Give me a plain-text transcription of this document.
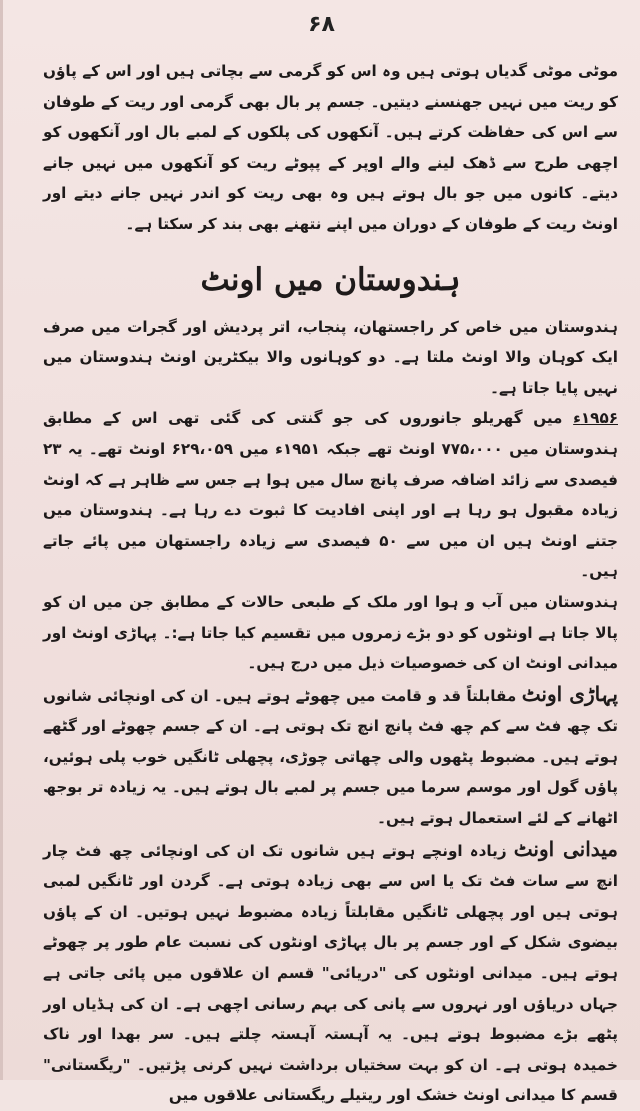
۶۸

موٹی موٹی گدیاں ہوتی ہیں وہ اس کو گرمی سے بچاتی ہیں اور اس کے پاؤں کو ریت میں نہیں جھنسنے دیتیں۔ جسم پر بال بھی گرمی اور ریت کے طوفان سے اس کی حفاظت کرتے ہیں۔ آنکھوں کی پلکوں کے لمبے بال اور آنکھوں کو اچھی طرح سے ڈھک لینے والے اوپر کے پپوٹے ریت کو آنکھوں میں نہیں جانے دیتے۔ کانوں میں جو بال ہوتے ہیں وہ بھی ریت کو اندر نہیں جانے دیتے اور اونٹ ریت کے طوفان کے دوران میں اپنے نتھنے بھی بند کر سکتا ہے۔

ہندوستان میں اونٹ

ہندوستان میں خاص کر راجستھان، پنجاب، اتر پردیش اور گجرات میں صرف ایک کوہان والا اونٹ ملتا ہے۔ دو کوہانوں والا بیکٹرین اونٹ ہندوستان میں نہیں پایا جاتا ہے۔

۱۹۵۶ء میں گھریلو جانوروں کی جو گنتی کی گئی تھی اس کے مطابق ہندوستان میں ۷۷۵،۰۰۰ اونٹ تھے جبکہ ۱۹۵۱ء میں ۶۲۹،۰۵۹ اونٹ تھے۔ یہ ۲۳ فیصدی سے زائد اضافہ صرف پانچ سال میں ہوا ہے جس سے ظاہر ہے کہ اونٹ زیادہ مقبول ہو رہا ہے اور اپنی افادیت کا ثبوت دے رہا ہے۔ ہندوستان میں جتنے اونٹ ہیں ان میں سے ۵۰ فیصدی سے زیادہ راجستھان میں پائے جاتے ہیں۔

ہندوستان میں آب و ہوا اور ملک کے طبعی حالات کے مطابق جن میں ان کو پالا جاتا ہے اونٹوں کو دو بڑے زمروں میں تقسیم کیا جاتا ہے:۔ پہاڑی اونٹ اور میدانی اونٹ ان کی خصوصیات ذیل میں درج ہیں۔

پہاڑی اونٹ مقابلتاً قد و قامت میں چھوٹے ہوتے ہیں۔ ان کی اونچائی شانوں تک چھ فٹ سے کم چھ فٹ پانچ انچ تک ہوتی ہے۔ ان کے جسم چھوٹے اور گٹھے ہوتے ہیں۔ مضبوط پٹھوں والی چھاتی چوڑی، پچھلی ٹانگیں خوب پلی ہوئیں، پاؤں گول اور موسم سرما میں جسم پر لمبے بال ہوتے ہیں۔ یہ زیادہ تر بوجھ اٹھانے کے لئے استعمال ہوتے ہیں۔

میدانی اونٹ زیادہ اونچے ہوتے ہیں شانوں تک ان کی اونچائی چھ فٹ چار انچ سے سات فٹ تک یا اس سے بھی زیادہ ہوتی ہے۔ گردن اور ٹانگیں لمبی ہوتی ہیں اور پچھلی ٹانگیں مقابلتاً زیادہ مضبوط نہیں ہوتیں۔ ان کے پاؤں بیضوی شکل کے اور جسم پر بال پہاڑی اونٹوں کی نسبت عام طور پر چھوٹے ہوتے ہیں۔ میدانی اونٹوں کی "دریائی" قسم ان علاقوں میں پائی جاتی ہے جہاں دریاؤں اور نہروں سے پانی کی بہم رسانی اچھی ہے۔ ان کی ہڈیاں اور پٹھے بڑے مضبوط ہوتے ہیں۔ یہ آہستہ آہستہ چلتے ہیں۔ سر بھدا اور ناک خمیدہ ہوتی ہے۔ ان کو بہت سختیاں برداشت نہیں کرنی پڑتیں۔ "ریگستانی" قسم کا میدانی اونٹ خشک اور ریتیلے ریگستانی علاقوں میں
